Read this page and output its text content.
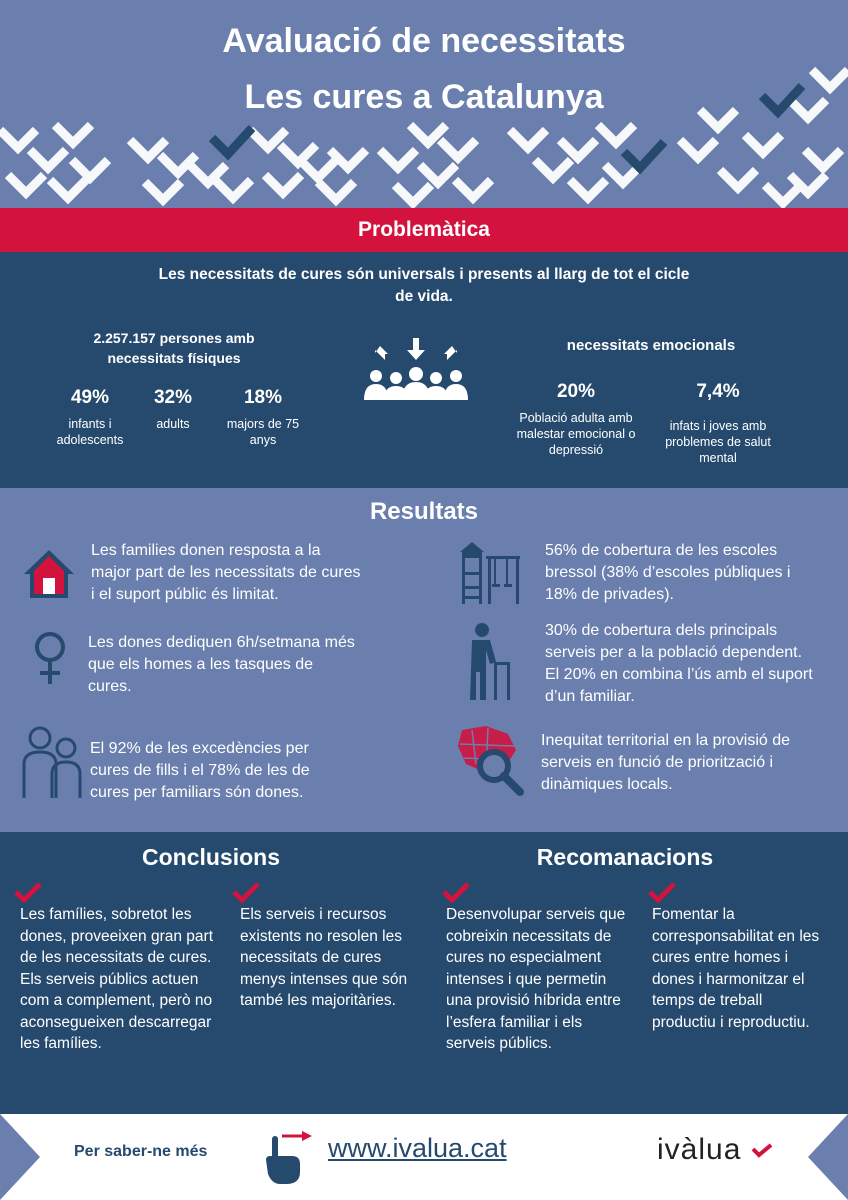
Avaluació de necessitats
Les cures a Catalunya
Problemàtica
Les necessitats de cures són universals i presents al llarg de tot el cicle de vida.
2.257.157 persones amb necessitats físiques
49%
infants i adolescents
32%
adults
18%
majors de 75 anys
necessitats emocionals
20%
Població adulta amb malestar emocional o depressió
7,4%
infats i joves amb problemes de salut mental
Resultats
Les families donen resposta a la major part de les necessitats de cures i el suport públic és limitat.
Les dones dediquen 6h/setmana més que els homes a les tasques de cures.
El 92% de les excedències per cures de fills i el 78% de les de cures per familiars són dones.
56% de cobertura de les escoles bressol (38% d’escoles públiques i 18% de privades).
30% de cobertura dels principals serveis per a la població dependent. El 20% en combina l’ús amb el suport d’un familiar.
Inequitat territorial en la provisió de serveis en funció de priorització i dinàmiques locals.
Conclusions	Recomanacions
Les famílies, sobretot les dones, proveeixen gran part de les necessitats de cures. Els serveis públics actuen com a complement, però no aconsegueixen descarregar les famílies.
Els serveis i recursos existents no resolen les necessitats de cures menys intenses que són també les majoritàries.
Desenvolupar serveis que cobreixin necessitats de cures no especialment intenses i que permetin una provisió híbrida entre l’esfera familiar i els serveis públics.
Fomentar la corresponsabilitat en les cures entre homes i dones i harmonitzar el temps de treball productiu i reproductiu.
Per saber-ne més	www.ivalua.cat	ivàlua
